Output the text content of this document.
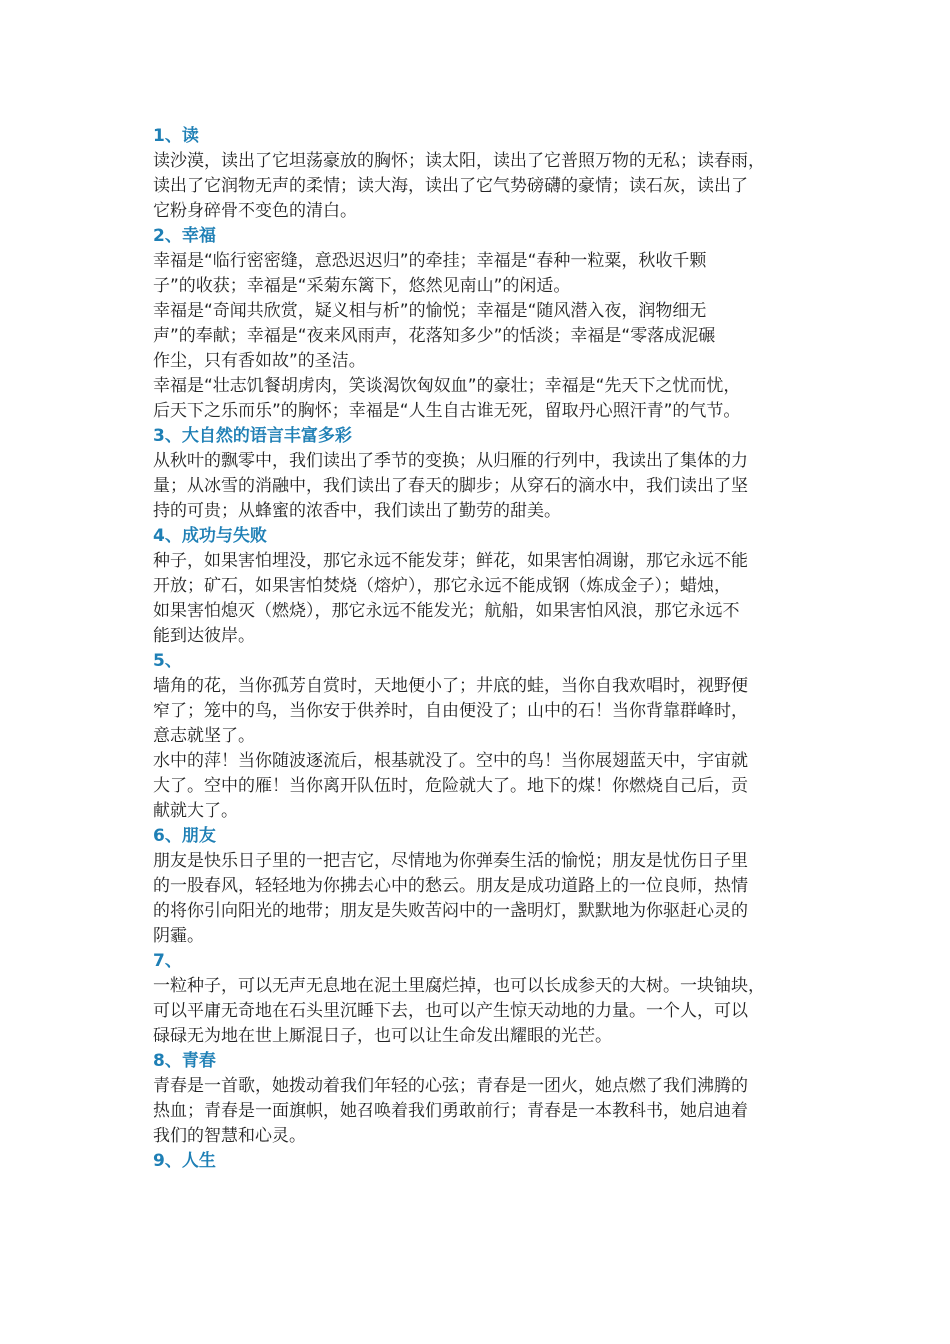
1、读
读沙漠，读出了它坦荡豪放的胸怀；读太阳，读出了它普照万物的无私；读春雨，
读出了它润物无声的柔情；读大海，读出了它气势磅礴的豪情；读石灰，读出了
它粉身碎骨不变色的清白。
2、幸福
幸福是“临行密密缝，意恐迟迟归”的牵挂；幸福是“春种一粒粟，秋收千颗
子”的收获；幸福是“采菊东篱下，悠然见南山”的闲适。
幸福是“奇闻共欣赏，疑义相与析”的愉悦；幸福是“随风潜入夜，润物细无
声”的奉献；幸福是“夜来风雨声，花落知多少”的恬淡；幸福是“零落成泥碾
作尘，只有香如故”的圣洁。
幸福是“壮志饥餐胡虏肉，笑谈渴饮匈奴血”的豪壮；幸福是“先天下之忧而忧，
后天下之乐而乐”的胸怀；幸福是“人生自古谁无死，留取丹心照汗青”的气节。
3、大自然的语言丰富多彩
从秋叶的飘零中，我们读出了季节的变换；从归雁的行列中，我读出了集体的力
量；从冰雪的消融中，我们读出了春天的脚步；从穿石的滴水中，我们读出了坚
持的可贵；从蜂蜜的浓香中，我们读出了勤劳的甜美。
4、成功与失败
种子，如果害怕埋没，那它永远不能发芽；鲜花，如果害怕凋谢，那它永远不能
开放；矿石，如果害怕焚烧（熔炉），那它永远不能成钢（炼成金子）；蜡烛，
如果害怕熄灭（燃烧），那它永远不能发光；航船，如果害怕风浪，那它永远不
能到达彼岸。
5、
墙角的花，当你孤芳自赏时，天地便小了；井底的蛙，当你自我欢唱时，视野便
窄了；笼中的鸟，当你安于供养时，自由便没了；山中的石！当你背靠群峰时，
意志就坚了。
水中的萍！当你随波逐流后，根基就没了。空中的鸟！当你展翅蓝天中，宇宙就
大了。空中的雁！当你离开队伍时，危险就大了。地下的煤！你燃烧自己后，贡
献就大了。
6、朋友
朋友是快乐日子里的一把吉它，尽情地为你弹奏生活的愉悦；朋友是忧伤日子里
的一股春风，轻轻地为你拂去心中的愁云。朋友是成功道路上的一位良师，热情
的将你引向阳光的地带；朋友是失败苦闷中的一盏明灯，默默地为你驱赶心灵的
阴霾。
7、
一粒种子，可以无声无息地在泥土里腐烂掉，也可以长成参天的大树。一块铀块，
可以平庸无奇地在石头里沉睡下去，也可以产生惊天动地的力量。一个人，可以
碌碌无为地在世上厮混日子，也可以让生命发出耀眼的光芒。
8、青春
青春是一首歌，她拨动着我们年轻的心弦；青春是一团火，她点燃了我们沸腾的
热血；青春是一面旗帜，她召唤着我们勇敢前行；青春是一本教科书，她启迪着
我们的智慧和心灵。
9、人生
